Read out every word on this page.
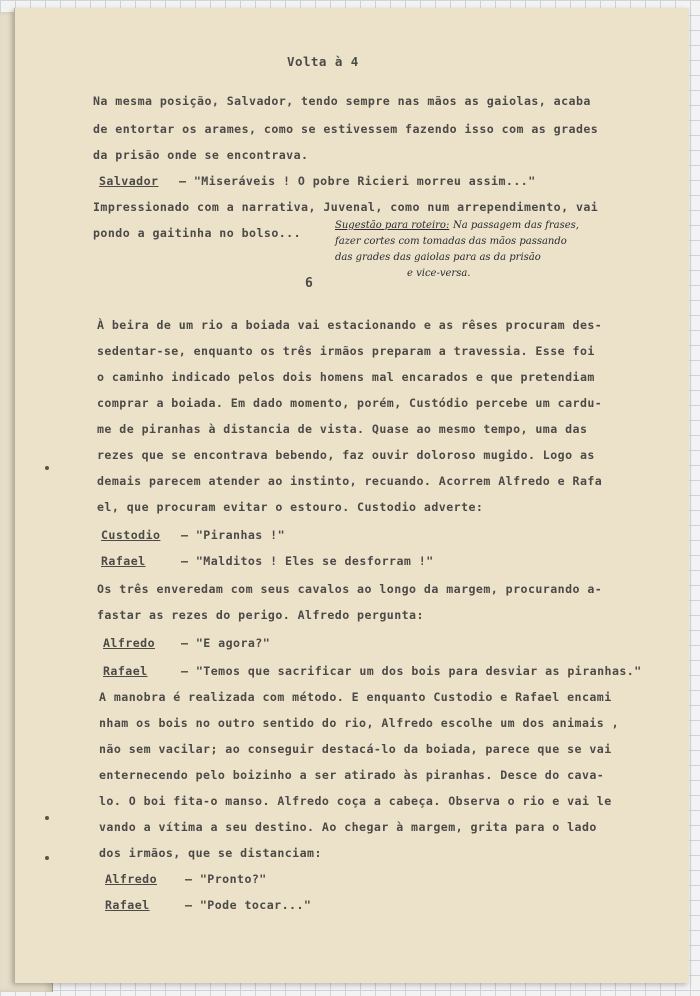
Volta à 4
Na mesma posição, Salvador, tendo sempre nas mãos as gaiolas, acaba
de entortar os arames, como se estivessem fazendo isso com as grades
da prisão onde se encontrava.
Salvador – "Miseráveis ! O pobre Ricieri morreu assim..."
Impressionado com a narrativa, Juvenal, como num arrependimento, vai
pondo a gaitinha no bolso...
Sugestão para roteiro: Na passagem das frases,
fazer cortes com tomadas das mãos passando
das grades das gaiolas para as da prisão
e vice-versa.
6
À beira de um rio a boiada vai estacionando e as rêses procuram des-
sedentar-se, enquanto os três irmãos preparam a travessia. Esse foi
o caminho indicado pelos dois homens mal encarados e que pretendiam
comprar a boiada. Em dado momento, porém, Custódio percebe um cardu-
me de piranhas à distancia de vista. Quase ao mesmo tempo, uma das
rezes que se encontrava bebendo, faz ouvir doloroso mugido. Logo as
demais parecem atender ao instinto, recuando. Acorrem Alfredo e Rafa
el, que procuram evitar o estouro. Custodio adverte:
Custodio – "Piranhas !"
Rafael	– "Malditos ! Eles se desforram !"
Os três enveredam com seus cavalos ao longo da margem, procurando a-
fastar as rezes do perigo. Alfredo pergunta:
Alfredo – "E agora?"
Rafael	– "Temos que sacrificar um dos bois para desviar as piranhas."
A manobra é realizada com método. E enquanto Custodio e Rafael encami
nham os bois no outro sentido do rio, Alfredo escolhe um dos animais ,
não sem vacilar; ao conseguir destacá-lo da boiada, parece que se vai
enternecendo pelo boizinho a ser atirado às piranhas. Desce do cava-
lo. O boi fita-o manso. Alfredo coça a cabeça. Observa o rio e vai le
vando a vítima a seu destino. Ao chegar à margem, grita para o lado
dos irmãos, que se distanciam:
Alfredo – "Pronto?"
Rafael	– "Pode tocar..."
